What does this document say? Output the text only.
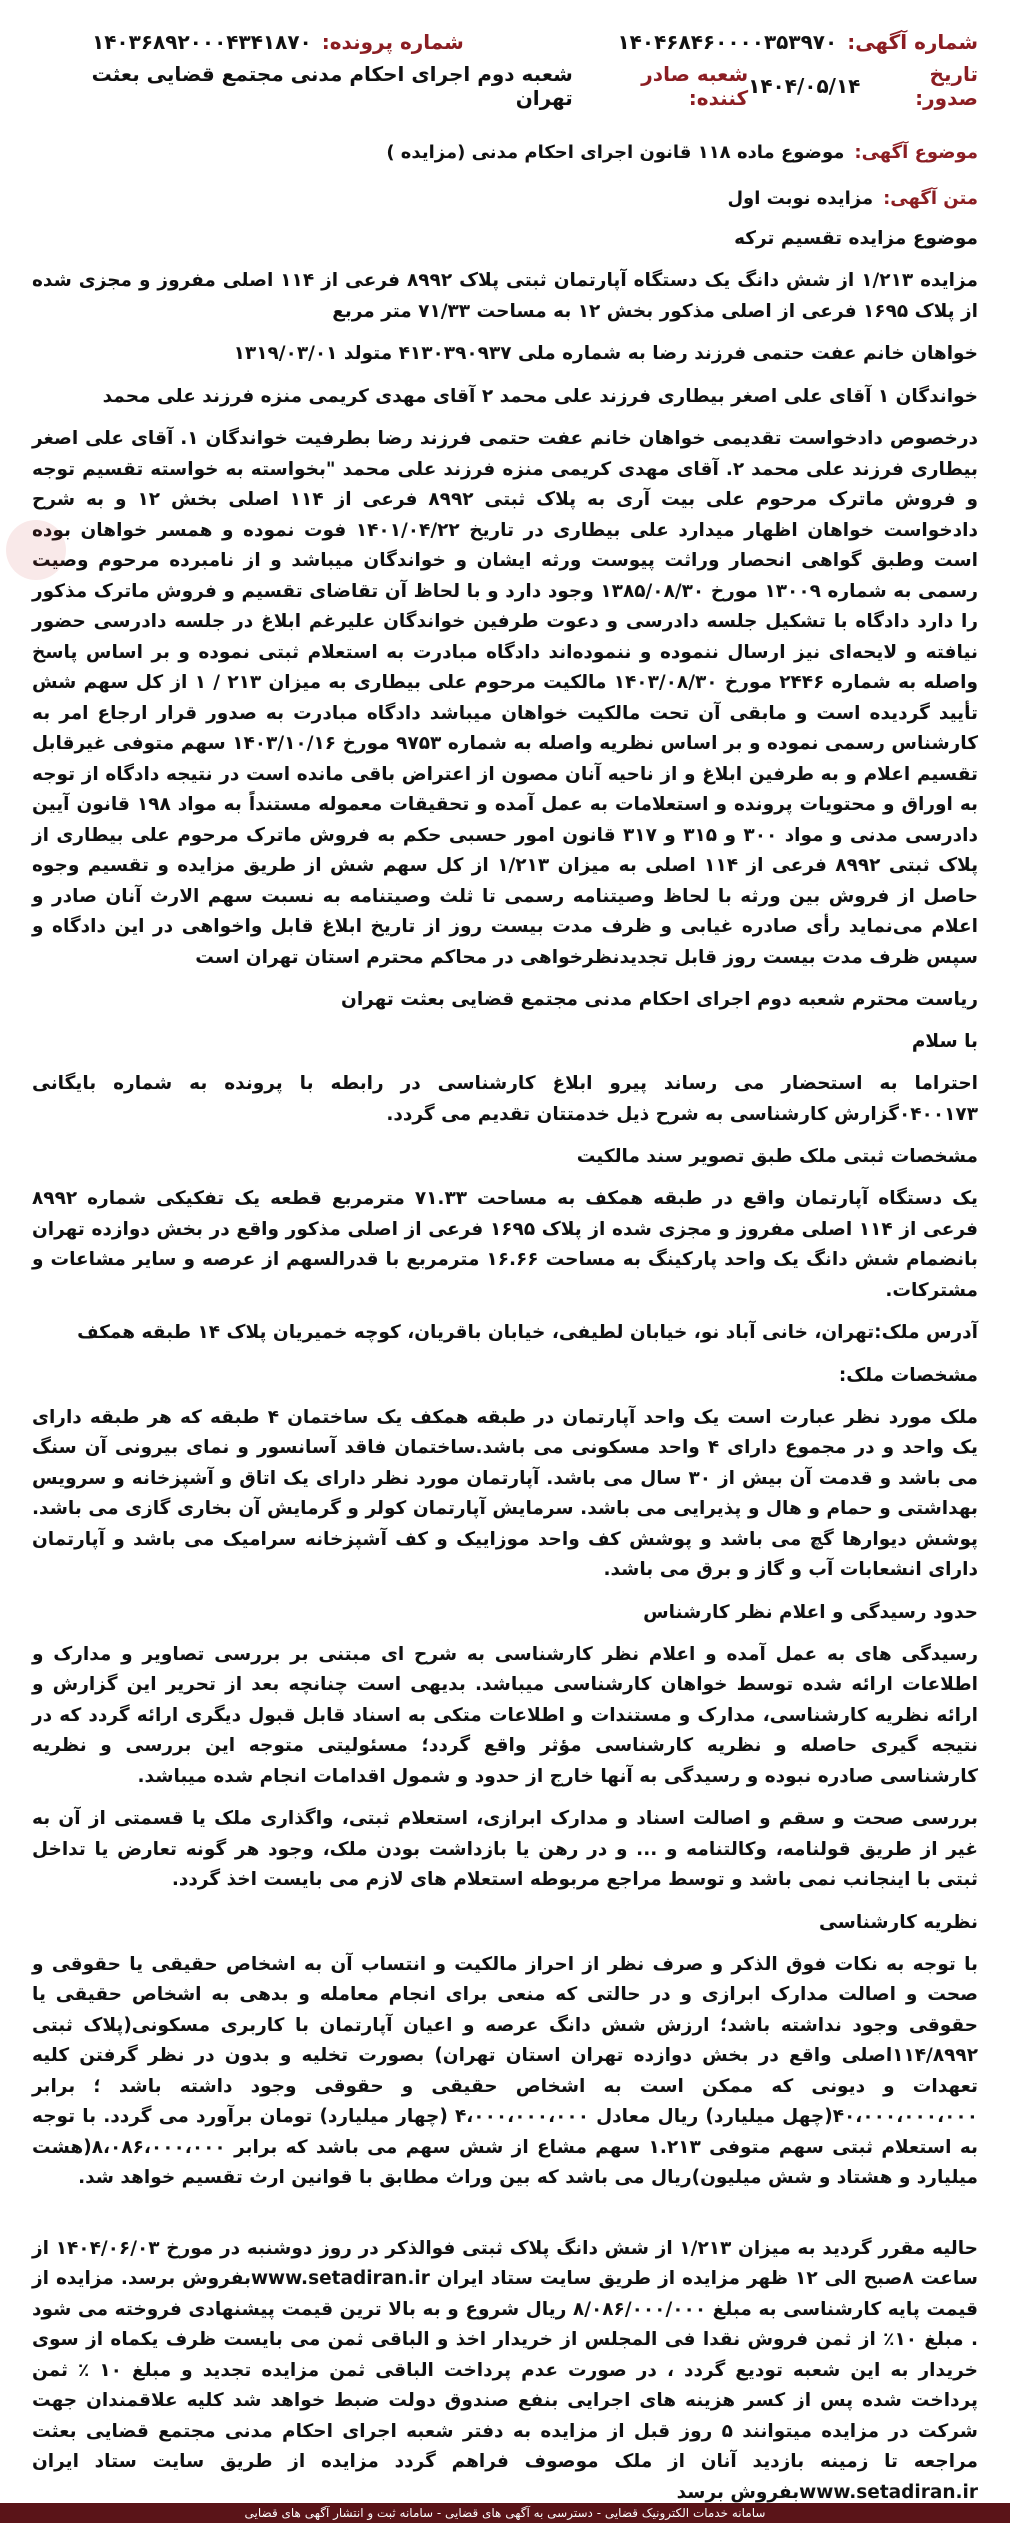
شماره آگهی:
۱۴۰۴۶۸۴۶۰۰۰۰۳۵۳۹۷۰
شماره پرونده:
۱۴۰۳۶۸۹۲۰۰۰۴۳۴۱۸۷۰
تاریخ صدور:
۱۴۰۴/۰۵/۱۴
شعبه صادر کننده:
شعبه دوم اجرای احکام مدنی مجتمع قضایی بعثت تهران
موضوع آگهی:
موضوع ماده ۱۱۸ قانون اجرای احکام مدنی (مزایده )
متن آگهی:
مزایده نوبت اول
موضوع مزایده تقسیم ترکه

مزایده ۱/۲۱۳ از شش دانگ یک دستگاه آپارتمان ثبتی پلاک ۸۹۹۲ فرعی از ۱۱۴ اصلی مفروز و مجزی شده از پلاک ۱۶۹۵ فرعی از اصلی مذکور بخش ۱۲ به مساحت ۷۱/۳۳ متر مربع

خواهان خانم عفت حتمی فرزند رضا به شماره ملی ۴۱۳۰۳۹۰۹۳۷ متولد ۱۳۱۹/۰۳/۰۱

خواندگان ۱ آقای علی اصغر بیطاری فرزند علی محمد ۲ آقای مهدی کریمی منزه فرزند علی محمد

درخصوص دادخواست تقدیمی خواهان خانم عفت حتمی فرزند رضا بطرفیت خواندگان ۱. آقای علی اصغر بیطاری فرزند علی محمد ۲. آقای مهدی کریمی منزه فرزند علی محمد "بخواسته به خواسته تقسیم توجه و فروش ماترک مرحوم علی بیت آری به پلاک ثبتی ۸۹۹۲ فرعی از ۱۱۴ اصلی بخش ۱۲ و به شرح دادخواست خواهان اظهار میدارد علی بیطاری در تاریخ ۱۴۰۱/۰۴/۲۲ فوت نموده و همسر خواهان بوده است وطبق گواهی انحصار وراثت پیوست ورثه ایشان و خواندگان میباشد و از نامبرده مرحوم وصیت رسمی به شماره ۱۳۰۰۹ مورخ ۱۳۸۵/۰۸/۳۰ وجود دارد و با لحاظ آن تقاضای تقسیم و فروش ماترک مذکور را دارد دادگاه با تشکیل جلسه دادرسی و دعوت طرفین خواندگان علیرغم ابلاغ در جلسه دادرسی حضور نیافته و لایحه‌ای نیز ارسال ننموده و ننموده‌اند دادگاه مبادرت به استعلام ثبتی نموده و بر اساس پاسخ واصله به شماره ۲۴۴۶ مورخ ۱۴۰۳/۰۸/۳۰ مالکیت مرحوم علی بیطاری به میزان ۲۱۳ / ۱ از کل سهم شش تأیید گردیده است و مابقی آن تحت مالکیت خواهان میباشد دادگاه مبادرت به صدور قرار ارجاع امر به کارشناس رسمی نموده و بر اساس نظریه واصله به شماره ۹۷۵۳ مورخ ۱۴۰۳/۱۰/۱۶ سهم متوفی غیرقابل تقسیم اعلام و به طرفین ابلاغ و از ناحیه آنان مصون از اعتراض باقی مانده است در نتیجه دادگاه از توجه به اوراق و محتویات پرونده و استعلامات به عمل آمده و تحقیقات معموله مستنداً به مواد ۱۹۸ قانون آیین دادرسی مدنی و مواد ۳۰۰ و ۳۱۵ و ۳۱۷ قانون امور حسبی حکم به فروش ماترک مرحوم علی بیطاری از پلاک ثبتی ۸۹۹۲ فرعی از ۱۱۴ اصلی به میزان ۱/۲۱۳ از کل سهم شش از طریق مزایده و تقسیم وجوه حاصل از فروش بین ورثه با لحاظ وصیتنامه رسمی تا ثلث وصیتنامه به نسبت سهم الارث آنان صادر و اعلام می‌نماید رأی صادره غیابی و ظرف مدت بیست روز از تاریخ ابلاغ قابل واخواهی در این دادگاه و سپس ظرف مدت بیست روز قابل تجدیدنظرخواهی در محاکم محترم استان تهران است

ریاست محترم شعبه دوم اجرای احکام مدنی مجتمع قضایی بعثت تهران
با سلام

احتراما به استحضار می رساند پیرو ابلاغ کارشناسی در رابطه با پرونده به شماره بایگانی ۰۴۰۰۱۷۳گزارش کارشناسی به شرح ذیل خدمتتان تقدیم می گردد.

مشخصات ثبتی ملک طبق تصویر سند مالکیت

یک دستگاه آپارتمان واقع در طبقه همکف به مساحت ۷۱.۳۳ مترمربع قطعه یک تفکیکی شماره ۸۹۹۲ فرعی از ۱۱۴ اصلی مفروز و مجزی شده از پلاک ۱۶۹۵ فرعی از اصلی مذکور واقع در بخش دوازده تهران بانضمام شش دانگ یک واحد پارکینگ به مساحت ۱۶.۶۶ مترمربع با قدرالسهم از عرصه و سایر مشاعات و مشترکات.

آدرس ملک:تهران، خانی آباد نو، خیابان لطیفی، خیابان باقریان، کوچه خمیریان پلاک ۱۴ طبقه همکف

مشخصات ملک:

ملک مورد نظر عبارت است یک واحد آپارتمان در طبقه همکف یک ساختمان ۴ طبقه که هر طبقه دارای یک واحد و در مجموع دارای ۴ واحد مسکونی می باشد.ساختمان فاقد آسانسور و نمای بیرونی آن سنگ می باشد و قدمت آن بیش از ۳۰ سال می باشد. آپارتمان مورد نظر دارای یک اتاق و آشپزخانه و سرویس بهداشتی و حمام و هال و پذیرایی می باشد. سرمایش آپارتمان کولر و گرمایش آن بخاری گازی می باشد. پوشش دیوارها گچ می باشد و پوشش کف واحد موزاییک و کف آشپزخانه سرامیک می باشد و آپارتمان دارای انشعابات آب و گاز و برق می باشد.

حدود رسیدگی و اعلام نظر کارشناس

رسیدگی های به عمل آمده و اعلام نظر کارشناسی به شرح ای مبتنی بر بررسی تصاویر و مدارک و اطلاعات ارائه شده توسط خواهان کارشناسی میباشد. بدیهی است چنانچه بعد از تحریر این گزارش و ارائه نظریه کارشناسی، مدارک و مستندات و اطلاعات متکی به اسناد قابل قبول دیگری ارائه گردد که در نتیجه گیری حاصله و نظریه کارشناسی مؤثر واقع گردد؛ مسئولیتی متوجه این بررسی و نظریه کارشناسی صادره نبوده و رسیدگی به آنها خارج از حدود و شمول اقدامات انجام شده میباشد.

بررسی صحت و سقم و اصالت اسناد و مدارک ابرازی، استعلام ثبتی، واگذاری ملک یا قسمتی از آن به غیر از طریق قولنامه، وکالتنامه و ... و در رهن یا بازداشت بودن ملک، وجود هر گونه تعارض یا تداخل ثبتی با اینجانب نمی باشد و توسط مراجع مربوطه استعلام های لازم می بایست اخذ گردد.

نظریه کارشناسی

با توجه به نکات فوق الذکر و صرف نظر از احراز مالکیت و انتساب آن به اشخاص حقیقی یا حقوقی و صحت و اصالت مدارک ابرازی و در حالتی که منعی برای انجام معامله و بدهی به اشخاص حقیقی یا حقوقی وجود نداشته باشد؛ ارزش شش دانگ عرصه و اعیان آپارتمان با کاربری مسکونی(پلاک ثبتی ۱۱۴/۸۹۹۲اصلی واقع در بخش دوازده تهران استان تهران) بصورت تخلیه و بدون در نظر گرفتن کلیه تعهدات و دیونی که ممکن است به اشخاص حقیقی و حقوقی وجود داشته باشد ؛ برابر ۴۰،۰۰۰،۰۰۰،۰۰۰(چهل میلیارد) ریال معادل ۴،۰۰۰،۰۰۰،۰۰۰ (چهار میلیارد) تومان برآورد می گردد. با توجه به استعلام ثبتی سهم متوفی ۱.۲۱۳ سهم مشاع از شش سهم می باشد که برابر ۸،۰۸۶،۰۰۰،۰۰۰(هشت میلیارد و هشتاد و شش میلیون)ریال می باشد که بین وراث مطابق با قوانین ارث تقسیم خواهد شد.

حالیه مقرر گردید به میزان ۱/۲۱۳ از شش دانگ پلاک ثبتی فوالذکر در روز دوشنبه در مورخ ۱۴۰۴/۰۶/۰۳ از ساعت ۸صبح الی ۱۲ ظهر مزایده از طریق سایت ستاد ایران www.setadiran.irبفروش برسد. مزایده از قیمت پایه کارشناسی به مبلغ ۸/۰۸۶/۰۰۰/۰۰۰ ریال شروع و به بالا ترین قیمت پیشنهادی فروخته می شود . مبلغ ۱۰٪ از ثمن فروش نقدا فی المجلس از خریدار اخذ و الباقی ثمن می بایست ظرف یکماه از سوی خریدار به این شعبه تودیع گردد ، در صورت عدم پرداخت الباقی ثمن مزایده تجدید و مبلغ ۱۰ ٪ ثمن پرداخت شده پس از کسر هزینه های اجرایی بنفع صندوق دولت ضبط خواهد شد کلیه علاقمندان جهت شرکت در مزایده میتوانند ۵ روز قبل از مزایده به دفتر شعبه اجرای احکام مدنی مجتمع قضایی بعثت مراجعه تا زمینه بازدید آنان از ملک موصوف فراهم گردد مزایده از طریق سایت ستاد ایران www.setadiran.irبفروش برسد

سامانه خدمات الکترونیک قضایی - دسترسی به آگهی های قضایی - سامانه ثبت و انتشار آگهی های قضایی
